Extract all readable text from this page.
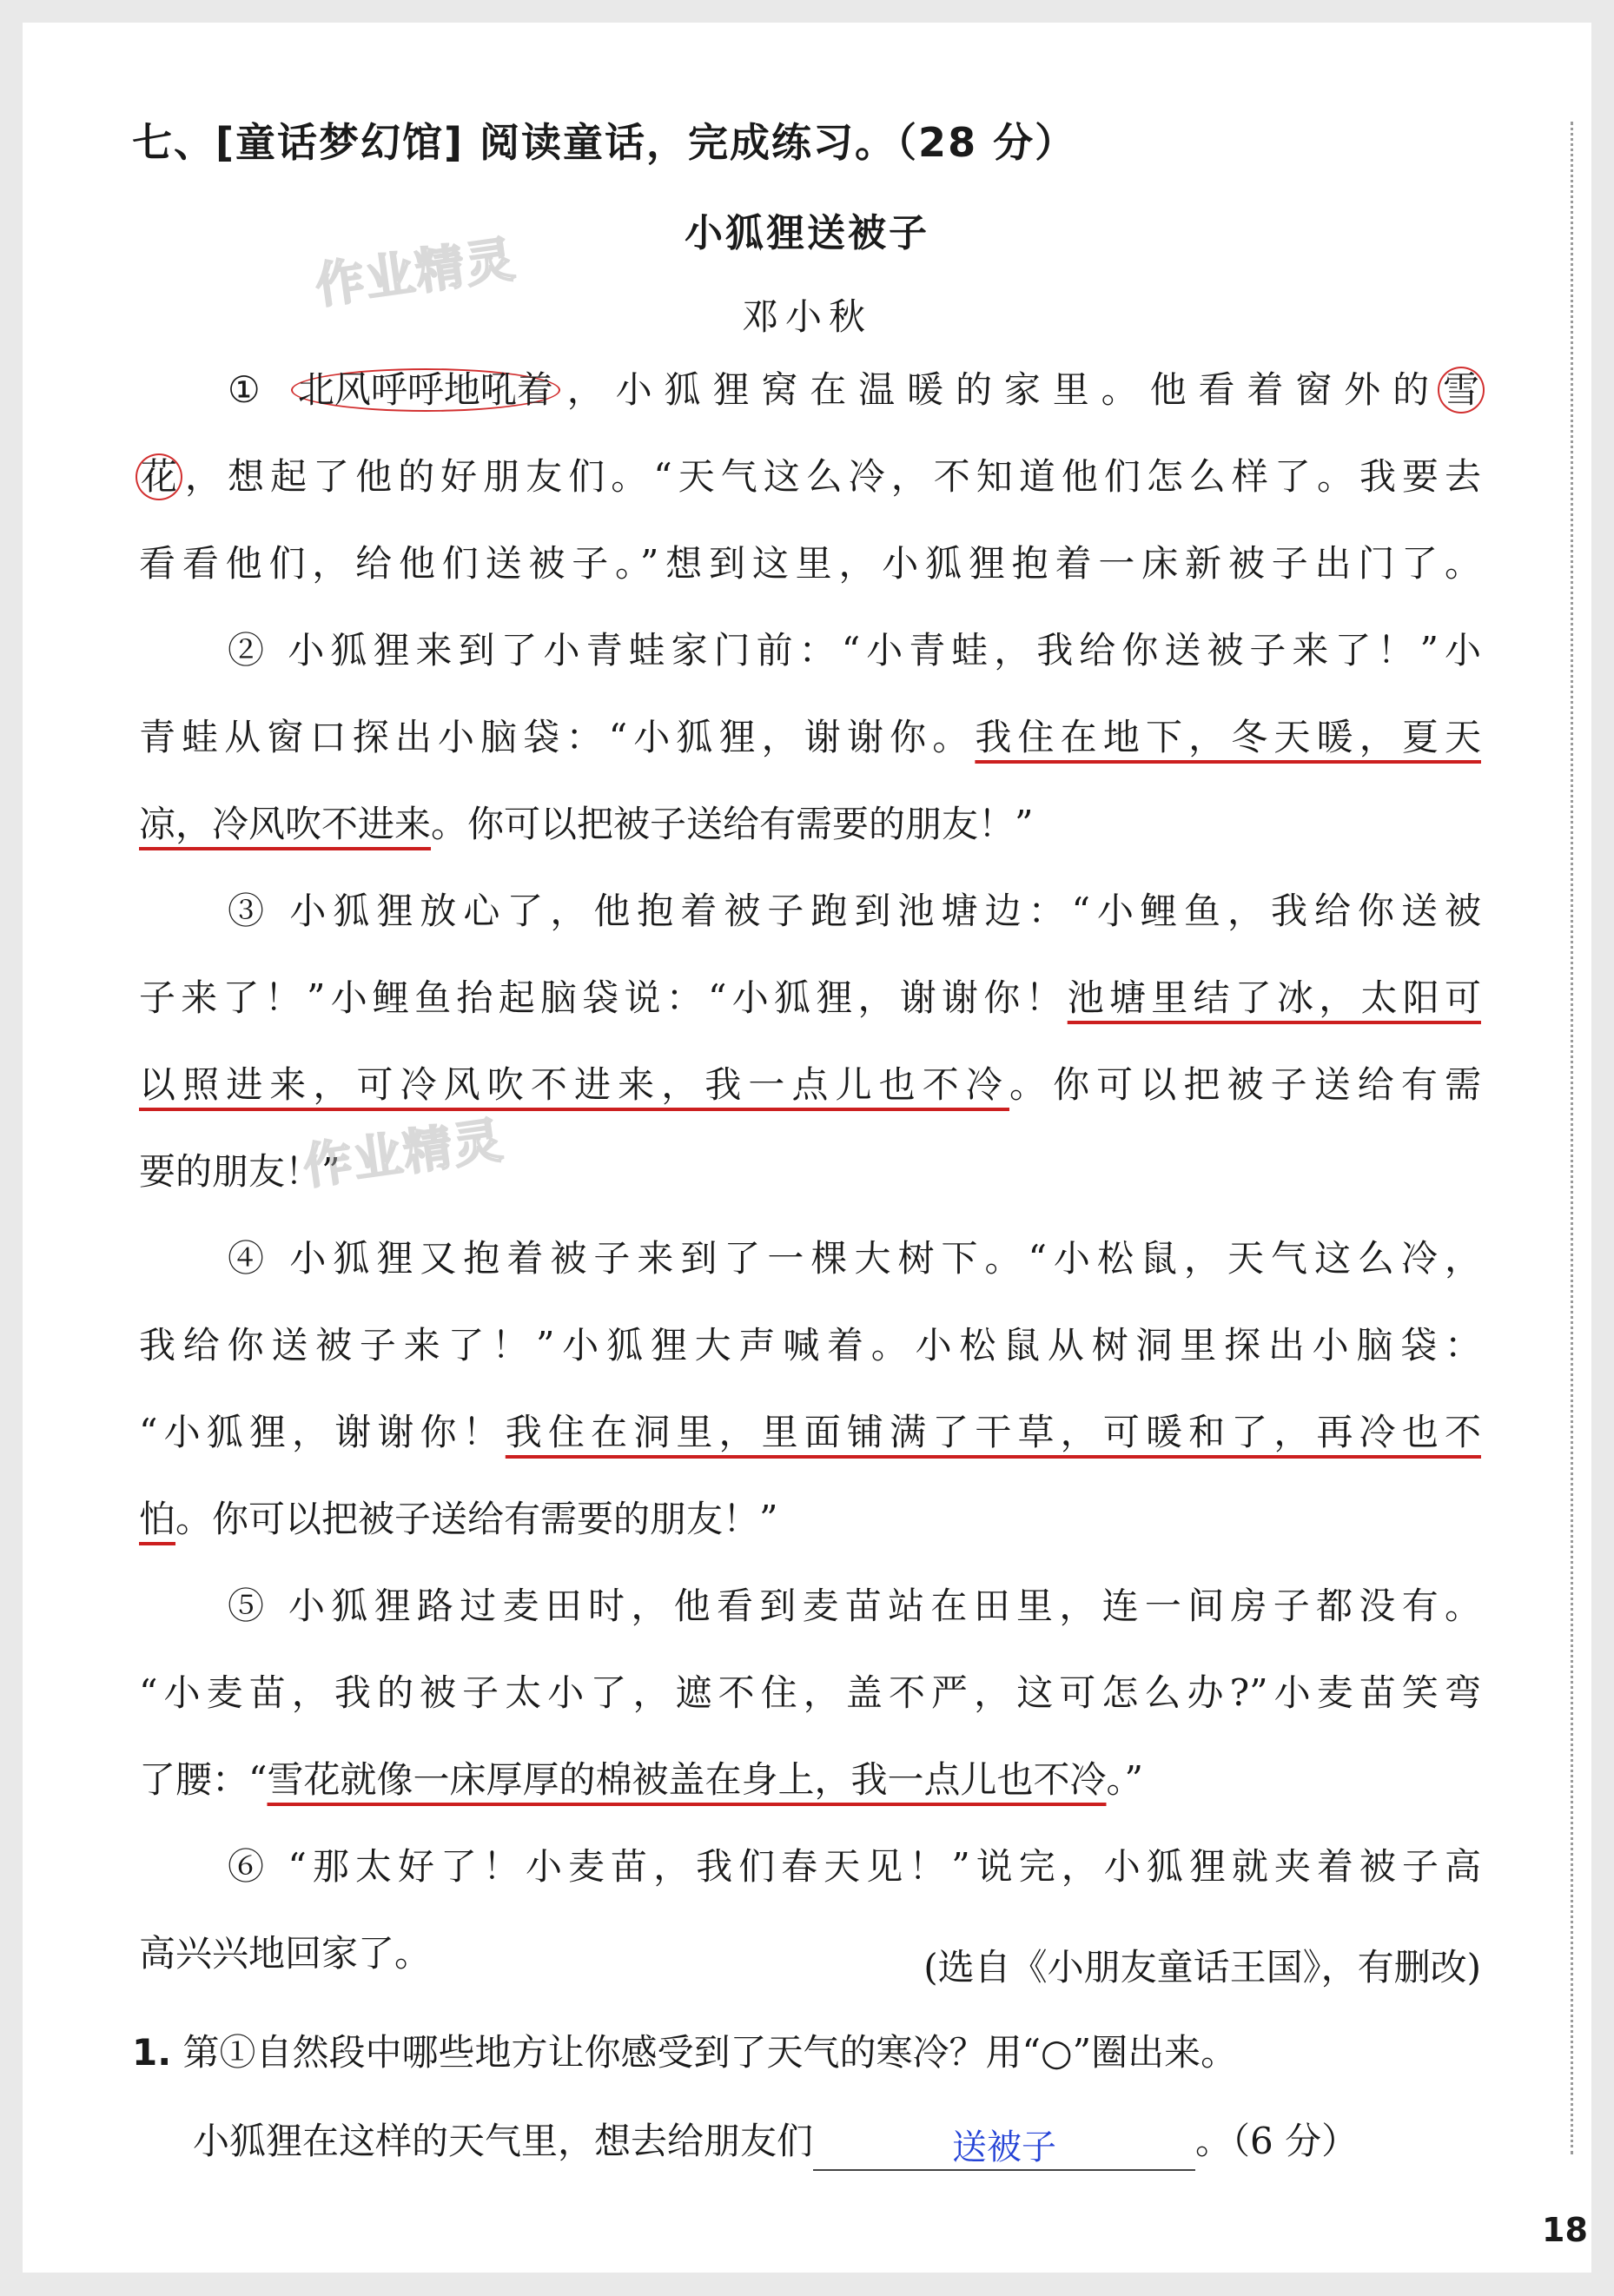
七、[童话梦幻馆] 阅读童话，完成练习。（28 分）
小狐狸送被子
邓小秋
① 北风呼呼地吼着，小狐狸窝在温暖的家里。他看着窗外的雪
花，想起了他的好朋友们。“天气这么冷，不知道他们怎么样了。我要去
看看他们，给他们送被子。”想到这里，小狐狸抱着一床新被子出门了。
② 小狐狸来到了小青蛙家门前：“小青蛙，我给你送被子来了！”小
青蛙从窗口探出小脑袋：“小狐狸，谢谢你。我住在地下，冬天暖，夏天
凉，冷风吹不进来。你可以把被子送给有需要的朋友！”
③ 小狐狸放心了，他抱着被子跑到池塘边：“小鲤鱼，我给你送被
子来了！”小鲤鱼抬起脑袋说：“小狐狸，谢谢你！池塘里结了冰，太阳可
以照进来，可冷风吹不进来，我一点儿也不冷。你可以把被子送给有需
要的朋友！”
④ 小狐狸又抱着被子来到了一棵大树下。“小松鼠，天气这么冷，
我给你送被子来了！”小狐狸大声喊着。小松鼠从树洞里探出小脑袋：
“小狐狸，谢谢你！我住在洞里，里面铺满了干草，可暖和了，再冷也不
怕。你可以把被子送给有需要的朋友！”
⑤ 小狐狸路过麦田时，他看到麦苗站在田里，连一间房子都没有。
“小麦苗，我的被子太小了，遮不住，盖不严，这可怎么办?”小麦苗笑弯
了腰：“雪花就像一床厚厚的棉被盖在身上，我一点儿也不冷。”
⑥ “那太好了！小麦苗，我们春天见！”说完，小狐狸就夹着被子高
高兴兴地回家了。	(选自《小朋友童话王国》，有删改)
1. 第①自然段中哪些地方让你感受到了天气的寒冷？用“○”圈出来。
小狐狸在这样的天气里，想去给朋友们	送被子	。（6 分）
作业精灵
作业精灵
18
